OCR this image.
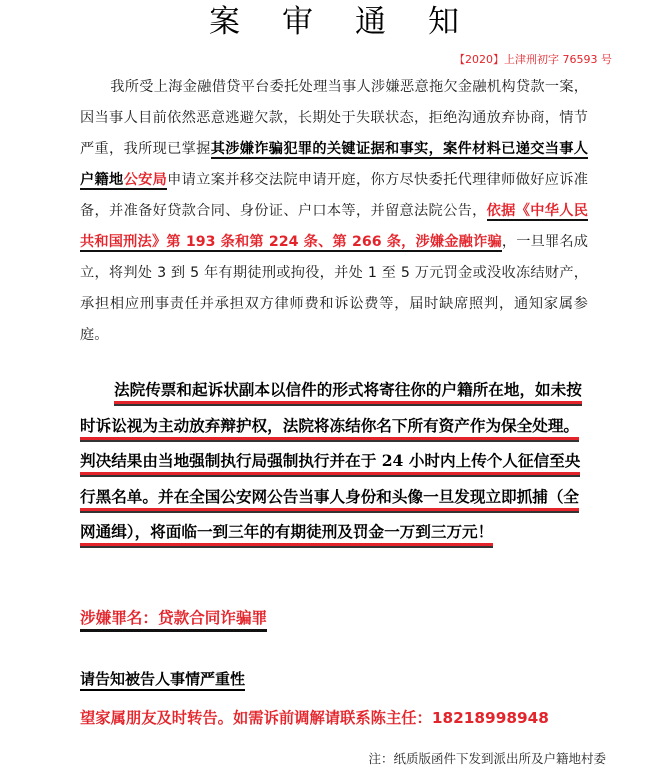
案审通知
【2020】上津刑初字 76593 号
我所受上海金融借贷平台委托处理当事人涉嫌恶意拖欠金融机构贷款一案，因当事人目前依然恶意逃避欠款，长期处于失联状态，拒绝沟通放弃协商，情节严重，我所现已掌握其涉嫌诈骗犯罪的关键证据和事实，案件材料已递交当事人户籍地公安局申请立案并移交法院申请开庭，你方尽快委托代理律师做好应诉准备，并准备好贷款合同、身份证、户口本等，并留意法院公告，依据《中华人民共和国刑法》第 193 条和第 224 条、第 266 条，涉嫌金融诈骗，一旦罪名成立，将判处 3 到 5 年有期徒刑或拘役，并处 1 至 5 万元罚金或没收冻结财产，承担相应刑事责任并承担双方律师费和诉讼费等，届时缺席照判，通知家属参庭。
法院传票和起诉状副本以信件的形式将寄往你的户籍所在地，如未按时诉讼视为主动放弃辩护权，法院将冻结你名下所有资产作为保全处理。判决结果由当地强制执行局强制执行并在于 24 小时内上传个人征信至央行黑名单。并在全国公安网公告当事人身份和头像一旦发现立即抓捕（全网通缉），将面临一到三年的有期徒刑及罚金一万到三万元！
涉嫌罪名：贷款合同诈骗罪
请告知被告人事情严重性
望家属朋友及时转告。如需诉前调解请联系陈主任：18218998948
注：纸质版函件下发到派出所及户籍地村委
